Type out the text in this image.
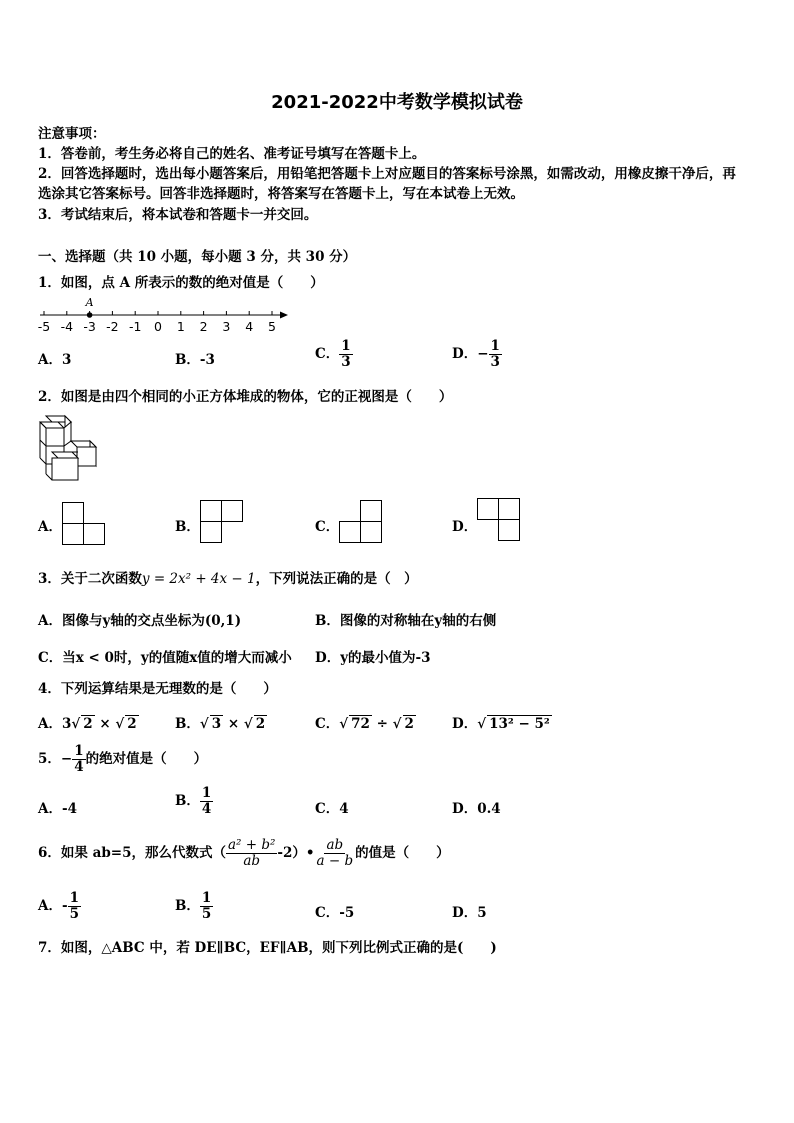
2021-2022中考数学模拟试卷
注意事项：
1．答卷前，考生务必将自己的姓名、准考证号填写在答题卡上。
2．回答选择题时，选出每小题答案后，用铅笔把答题卡上对应题目的答案标号涂黑，如需改动，用橡皮擦干净后，再
选涂其它答案标号。回答非选择题时，将答案写在答题卡上，写在本试卷上无效。
3．考试结束后，将本试卷和答题卡一并交回。
一、选择题（共 10 小题，每小题 3 分，共 30 分）
1．如图，点 A 所表示的数的绝对值是（　　）
-5 -4 -3 -2 -1 0 1 2 3 4 5
A
A．3	B．-3	C． $\frac{1}{3}$	D．− $\frac{1}{3}$
2．如图是由四个相同的小正方体堆成的物体，它的正视图是（　　）
A．	B．	C．	D．
3．关于二次函数y = 2x² + 4x − 1，下列说法正确的是（　）
A．图像与y轴的交点坐标为(0,1)	B．图像的对称轴在y轴的右侧
C．当x < 0时，y的值随x值的增大而减小 D．y的最小值为-3
4．下列运算结果是无理数的是（　　）
A．3√ 2 × √ 2	B．√ 3 × √ 2	C．√ 72 ÷ √ 2	D．√ 13² − 5²
5．− $\frac{1}{4}$ 的绝对值是（　　）
A．-4
B． $\frac{1}{4}$	C．4	D．0.4
6．如果 ab=5，那么代数式（ $\frac{\text{a² + b²}}{ab}$ -2）• $\frac{ab}{a - b}$ 的值是（　　）
A．- $\frac{1}{5}$	B． $\frac{1}{5}$	C．-5	D．5
7．如图，△ABC 中，若 DE∥BC，EF∥AB，则下列比例式正确的是(　　)
